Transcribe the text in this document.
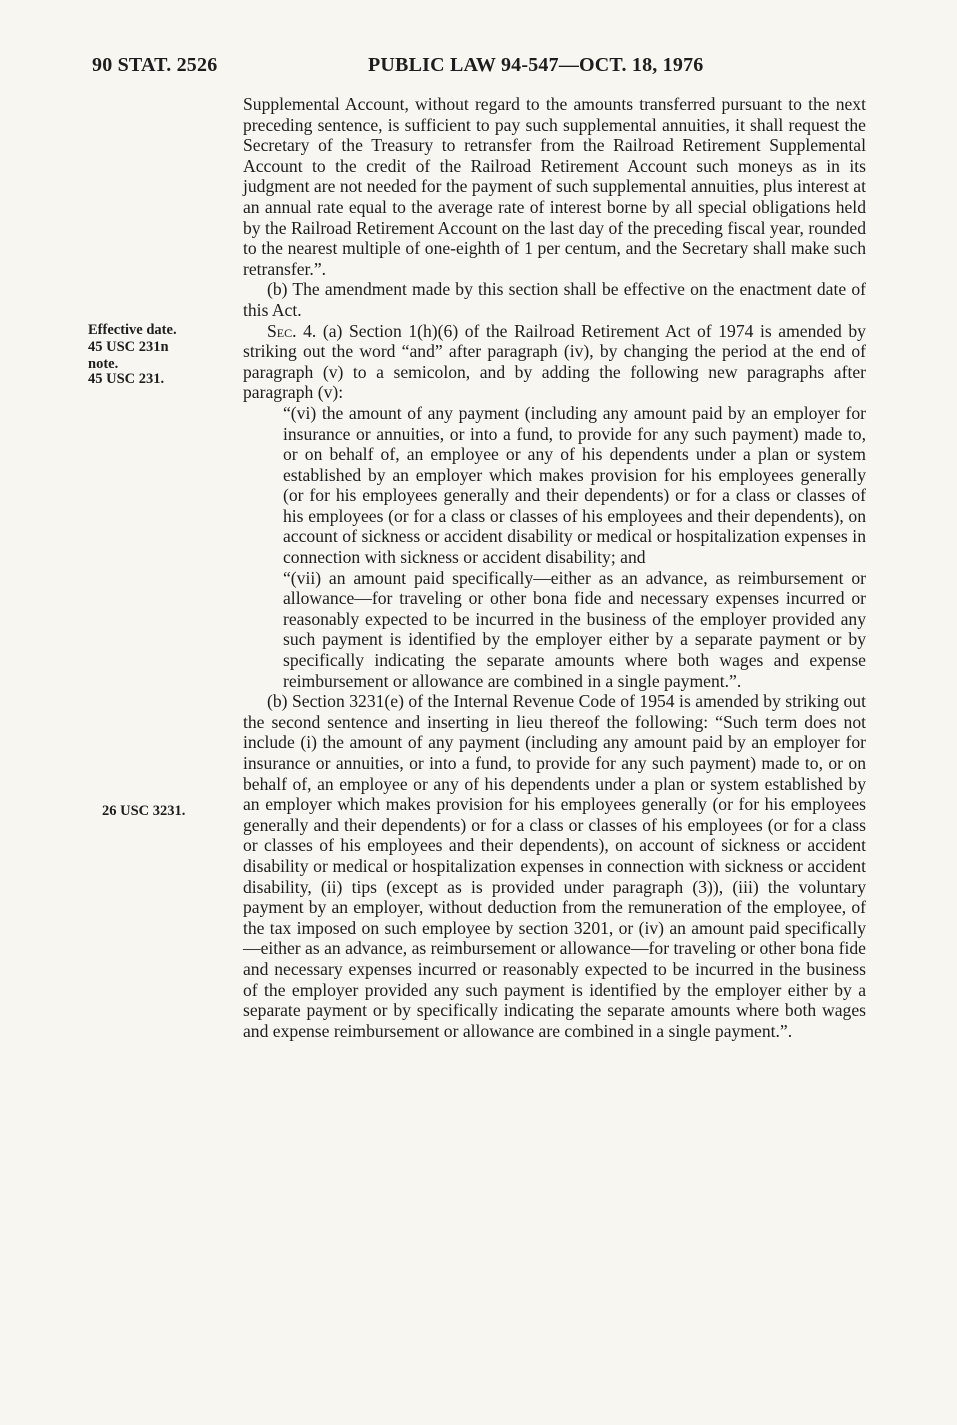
90 STAT. 2526	PUBLIC LAW 94-547—OCT. 18, 1976
Effective date.
45 USC 231n
note.
45 USC 231.
26 USC 3231.

Supplemental Account, without regard to the amounts transferred pursuant to the next preceding sentence, is sufficient to pay such supplemental annuities, it shall request the Secretary of the Treasury to retransfer from the Railroad Retirement Supplemental Account to the credit of the Railroad Retirement Account such moneys as in its judgment are not needed for the payment of such supplemental annuities, plus interest at an annual rate equal to the average rate of interest borne by all special obligations held by the Railroad Retirement Account on the last day of the preceding fiscal year, rounded to the nearest multiple of one-eighth of 1 per centum, and the Secretary shall make such retransfer.”.

(b) The amendment made by this section shall be effective on the enactment date of this Act.

Sec. 4. (a) Section 1(h)(6) of the Railroad Retirement Act of 1974 is amended by striking out the word “and” after paragraph (iv), by changing the period at the end of paragraph (v) to a semicolon, and by adding the following new paragraphs after paragraph (v):

“(vi) the amount of any payment (including any amount paid by an employer for insurance or annuities, or into a fund, to provide for any such payment) made to, or on behalf of, an employee or any of his dependents under a plan or system established by an employer which makes provision for his employees generally (or for his employees generally and their dependents) or for a class or classes of his employees (or for a class or classes of his employees and their dependents), on account of sickness or accident disability or medical or hospitalization expenses in connection with sickness or accident disability; and

“(vii) an amount paid specifically—either as an advance, as reimbursement or allowance—for traveling or other bona fide and necessary expenses incurred or reasonably expected to be incurred in the business of the employer provided any such payment is identified by the employer either by a separate payment or by specifically indicating the separate amounts where both wages and expense reimbursement or allowance are combined in a single payment.”.

(b) Section 3231(e) of the Internal Revenue Code of 1954 is amended by striking out the second sentence and inserting in lieu thereof the following: “Such term does not include (i) the amount of any payment (including any amount paid by an employer for insurance or annuities, or into a fund, to provide for any such payment) made to, or on behalf of, an employee or any of his dependents under a plan or system established by an employer which makes provision for his employees generally (or for his employees generally and their dependents) or for a class or classes of his employees (or for a class or classes of his employees and their dependents), on account of sickness or accident disability or medical or hospitalization expenses in connection with sickness or accident disability, (ii) tips (except as is provided under paragraph (3)), (iii) the voluntary payment by an employer, without deduction from the remuneration of the employee, of the tax imposed on such employee by section 3201, or (iv) an amount paid specifically—either as an advance, as reimbursement or allowance—for traveling or other bona fide and necessary expenses incurred or reasonably expected to be incurred in the business of the employer provided any such payment is identified by the employer either by a separate payment or by specifically indicating the separate amounts where both wages and expense reimbursement or allowance are combined in a single payment.”.
